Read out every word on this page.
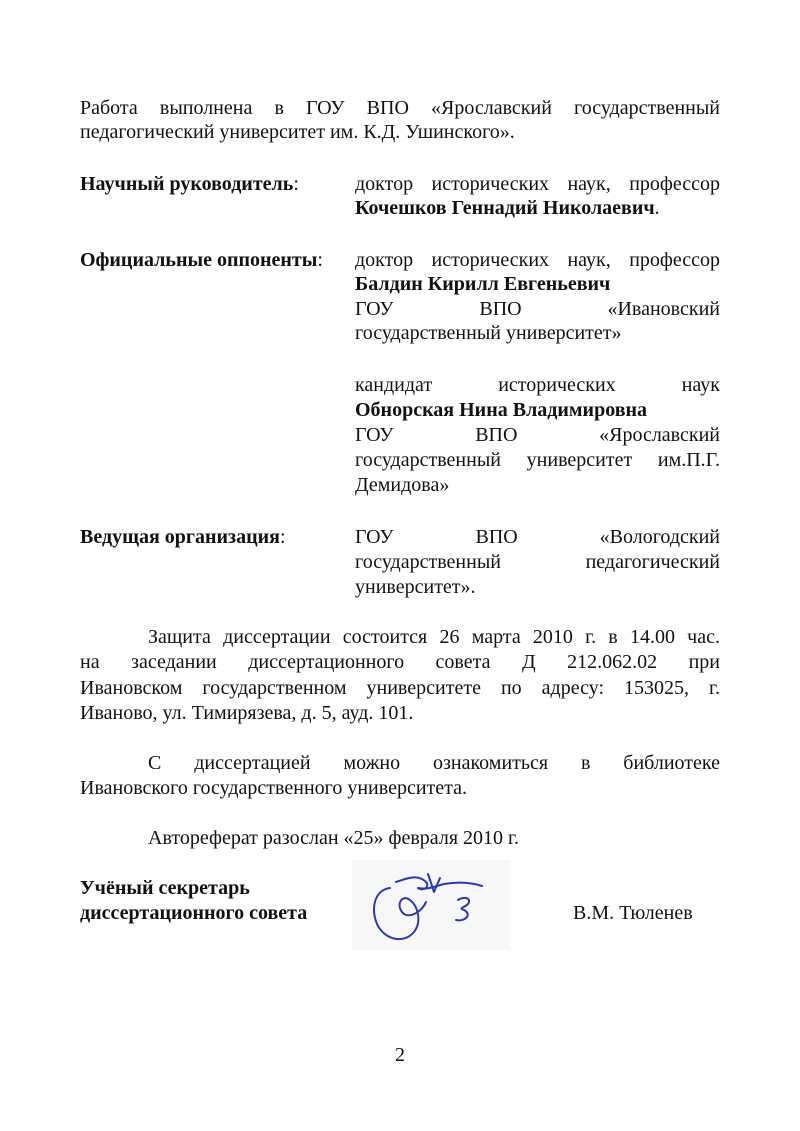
Работа выполнена в ГОУ ВПО «Ярославский государственный
педагогический университет им. К.Д. Ушинского».
Научный руководитель:	доктор исторических наук, профессор
Кочешков Геннадий Николаевич.
Официальные оппоненты: доктор исторических наук, профессор
Балдин Кирилл Евгеньевич
ГОУ ВПО «Ивановский
государственный университет»
кандидат исторических наук
Обнорская Нина Владимировна
ГОУ ВПО «Ярославский
государственный университет им.П.Г.
Демидова»
Ведущая организация:	ГОУ ВПО «Вологодский
государственный педагогический
университет».
Защита диссертации состоится 26 марта 2010 г. в 14.00 час.
на заседании диссертационного совета Д 212.062.02 при
Ивановском государственном университете по адресу: 153025, г.
Иваново, ул. Тимирязева, д. 5, ауд. 101.
С диссертацией можно ознакомиться в библиотеке
Ивановского государственного университета.
Автореферат разослан «25» февраля 2010 г.
Учёный секретарь
диссертационного совета	В.М. Тюленев
2
